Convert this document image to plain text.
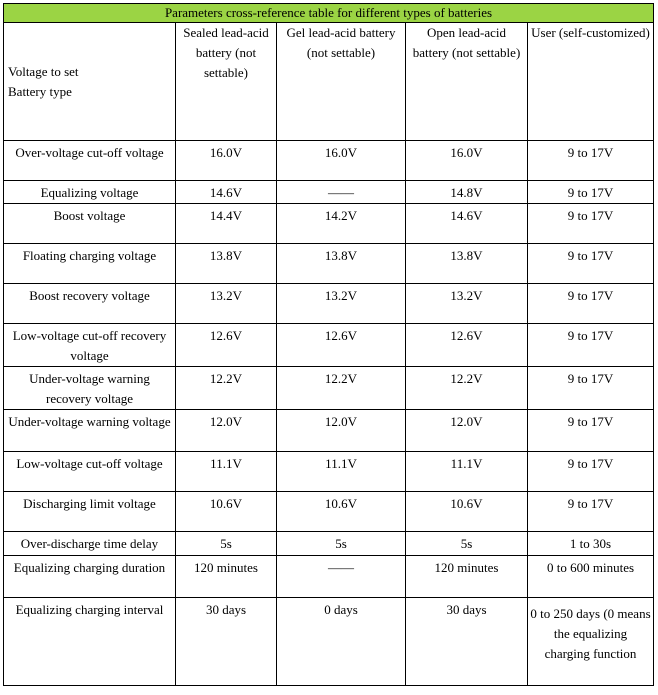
Parameters cross-reference table for different types of batteries				

Voltage to set
Battery type	Sealed lead-acid battery (not settable)	Gel lead-acid battery (not settable)	Open lead-acid battery (not settable)	User (self-customized)
Over-voltage cut-off voltage	16.0V	16.0V	16.0V	9 to 17V
Equalizing voltage	14.6V	——	14.8V	9 to 17V
Boost voltage	14.4V	14.2V	14.6V	9 to 17V
Floating charging voltage	13.8V	13.8V	13.8V	9 to 17V
Boost recovery voltage	13.2V	13.2V	13.2V	9 to 17V
Low-voltage cut-off recovery voltage	12.6V	12.6V	12.6V	9 to 17V
Under-voltage warning recovery voltage	12.2V	12.2V	12.2V	9 to 17V
Under-voltage warning voltage	12.0V	12.0V	12.0V	9 to 17V
Low-voltage cut-off voltage	11.1V	11.1V	11.1V	9 to 17V
Discharging limit voltage	10.6V	10.6V	10.6V	9 to 17V
Over-discharge time delay	5s	5s	5s	1 to 30s
Equalizing charging duration	120 minutes	——	120 minutes	0 to 600 minutes
Equalizing charging interval	30 days	0 days	30 days	0 to 250 days (0 means the equalizing charging function
